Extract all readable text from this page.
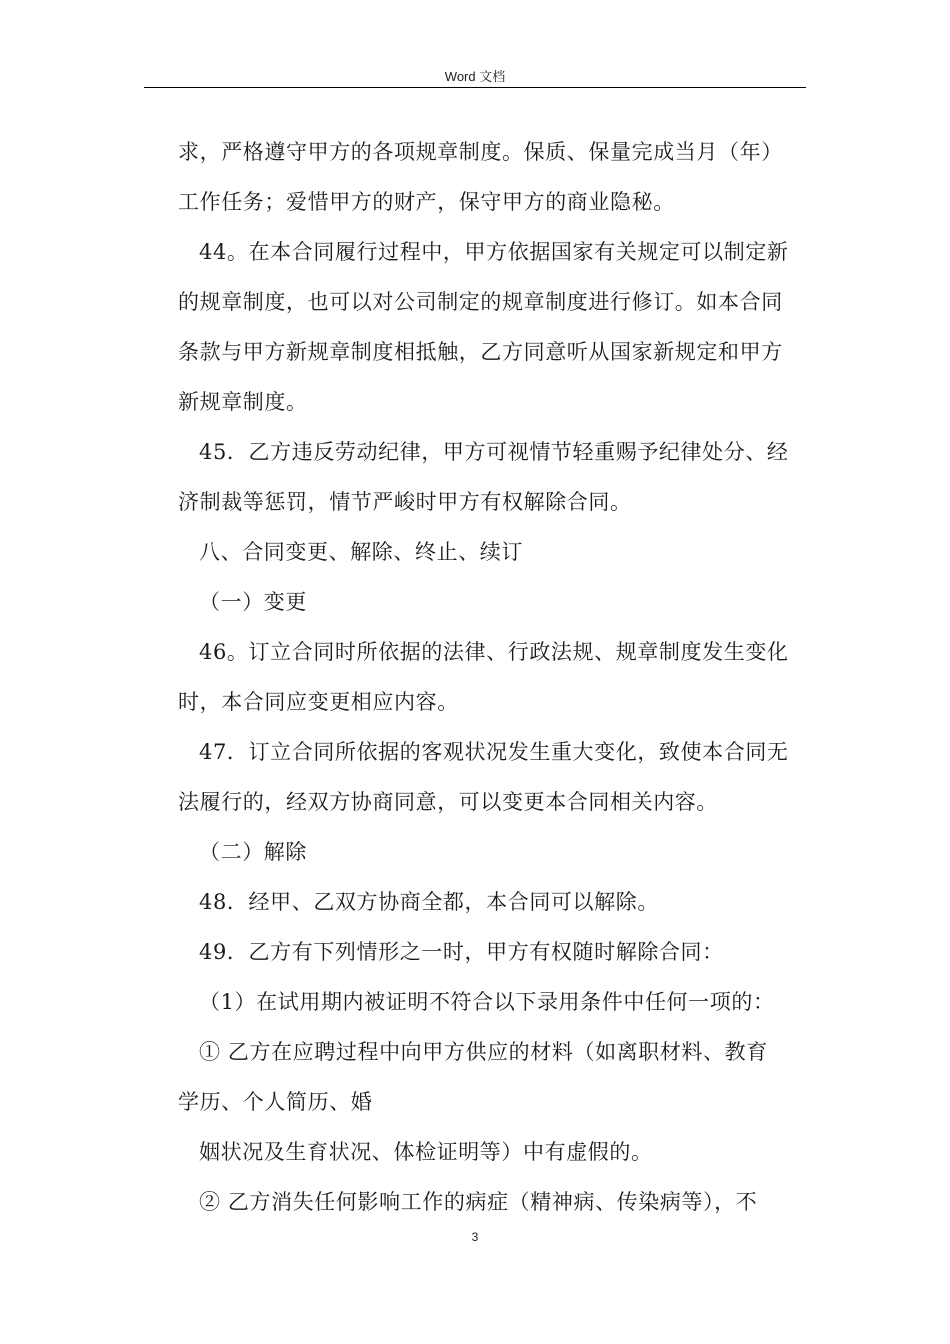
Word 文档
求，严格遵守甲方的各项规章制度。保质、保量完成当月（年）
工作任务；爱惜甲方的财产，保守甲方的商业隐秘。
44。在本合同履行过程中，甲方依据国家有关规定可以制定新
的规章制度，也可以对公司制定的规章制度进行修订。如本合同
条款与甲方新规章制度相抵触，乙方同意听从国家新规定和甲方
新规章制度。
45．乙方违反劳动纪律，甲方可视情节轻重赐予纪律处分、经
济制裁等惩罚，情节严峻时甲方有权解除合同。
八、合同变更、解除、终止、续订
（一）变更
46。订立合同时所依据的法律、行政法规、规章制度发生变化
时，本合同应变更相应内容。
47．订立合同所依据的客观状况发生重大变化，致使本合同无
法履行的，经双方协商同意，可以变更本合同相关内容。
（二）解除
48．经甲、乙双方协商全都，本合同可以解除。
49．乙方有下列情形之一时，甲方有权随时解除合同：
（1）在试用期内被证明不符合以下录用条件中任何一项的：
① 乙方在应聘过程中向甲方供应的材料（如离职材料、教育
学历、个人简历、婚
姻状况及生育状况、体检证明等）中有虚假的。
② 乙方消失任何影响工作的病症（精神病、传染病等），不
3
